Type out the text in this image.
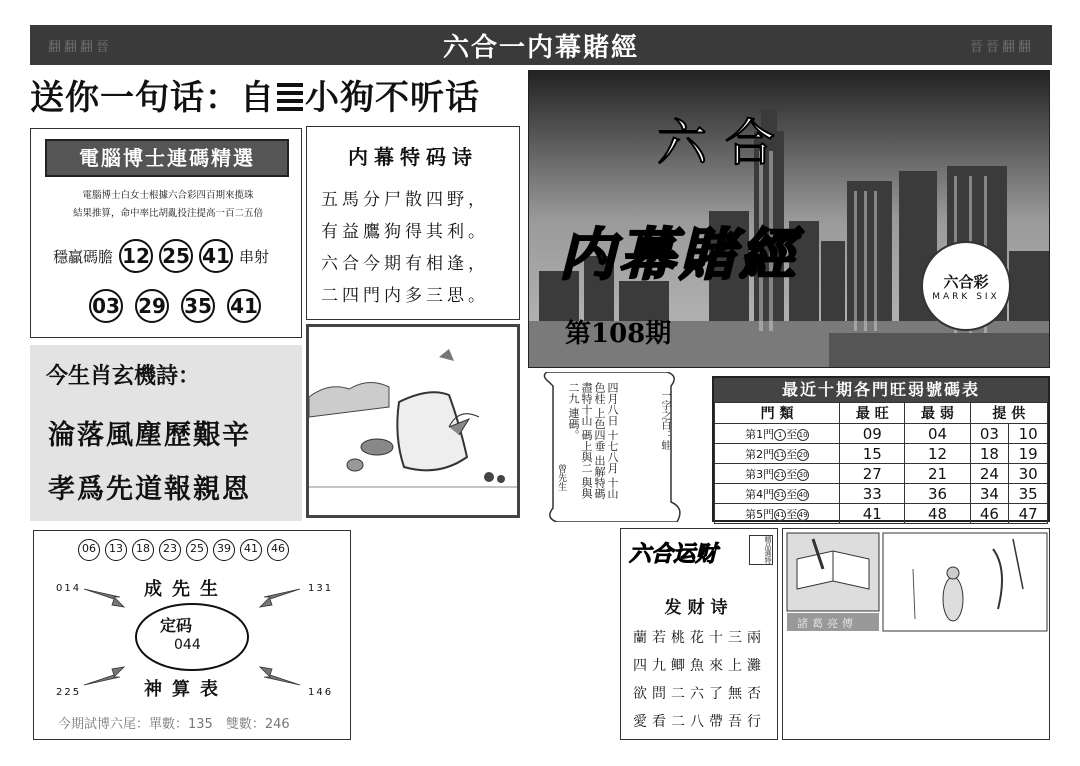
翻翻翻晉	六合一内幕賭經	晉晉翻翻
送你一句话：自 小狗不听话
電腦博士連碼精選
電腦博士白女士根據六合彩四百期來揽珠
結果推算，命中率比胡亂投注提高一百二五倍
穩贏碼膽 12 25 41 串射
03 29 35 41
内幕特码诗
五馬分尸散四野，
有益鷹狗得其利。
六合今期有相逢，
二四門内多三思。
六合
内幕賭經
第108期
六合彩
MARK SIX
今生肖玄機詩：
淪落風塵歷艱辛
孝爲先道報親恩
四月八日 十七八月 十山色桂 上色四垂 出解特碼 盡特十山 碼上與二 與與二九 連碼。	一字之白：蛙
曾先生
最近十期各門旺弱號碼表
門 類	最 旺	最 弱	提 供	
第1門 1 至 10	09	04	03	10
第2門 11 至 20	15	12	18	19
第3門 21 至 30	27	21	24	30
第4門 31 至 40	33	36	34	35
第5門 41 至 49	41	48	46	47
06	13	18	23	25	39	41	46
014	131
225	146
成先生
神算表
定码
044
今期試博六尾：單數：135　雙數：246
六合运财	精品選特
发财诗
蘭若桃花十三兩
四九鲫魚來上灘
欲問二六了無否
愛看二八帶吾行
諸葛亮傳
